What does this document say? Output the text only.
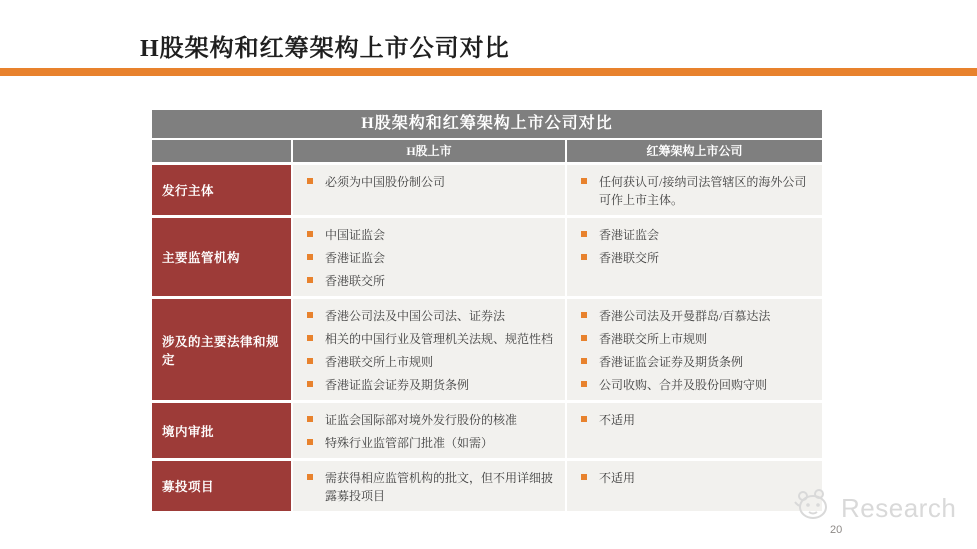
H股架构和红筹架构上市公司对比
H股架构和红筹架构上市公司对比
H股上市	红筹架构上市公司
发行主体
必须为中国股份制公司	任何获认可/接纳司法管辖区的海外公司可作上市主体。
主要监管机构
中国证监会
香港证监会
香港联交所
香港证监会
香港联交所
涉及的主要法律和规定
香港公司法及中国公司法、证券法
相关的中国行业及管理机关法规、规范性档
香港联交所上市规则
香港证监会证券及期货条例
香港公司法及开曼群岛/百慕达法
香港联交所上市规则
香港证监会证券及期货条例
公司收购、合并及股份回购守则
境内审批
证监会国际部对境外发行股份的核准
特殊行业监管部门批准（如需）
不适用
募投项目
需获得相应监管机构的批文，但不用详细披露募投项目
不适用
Research
20
